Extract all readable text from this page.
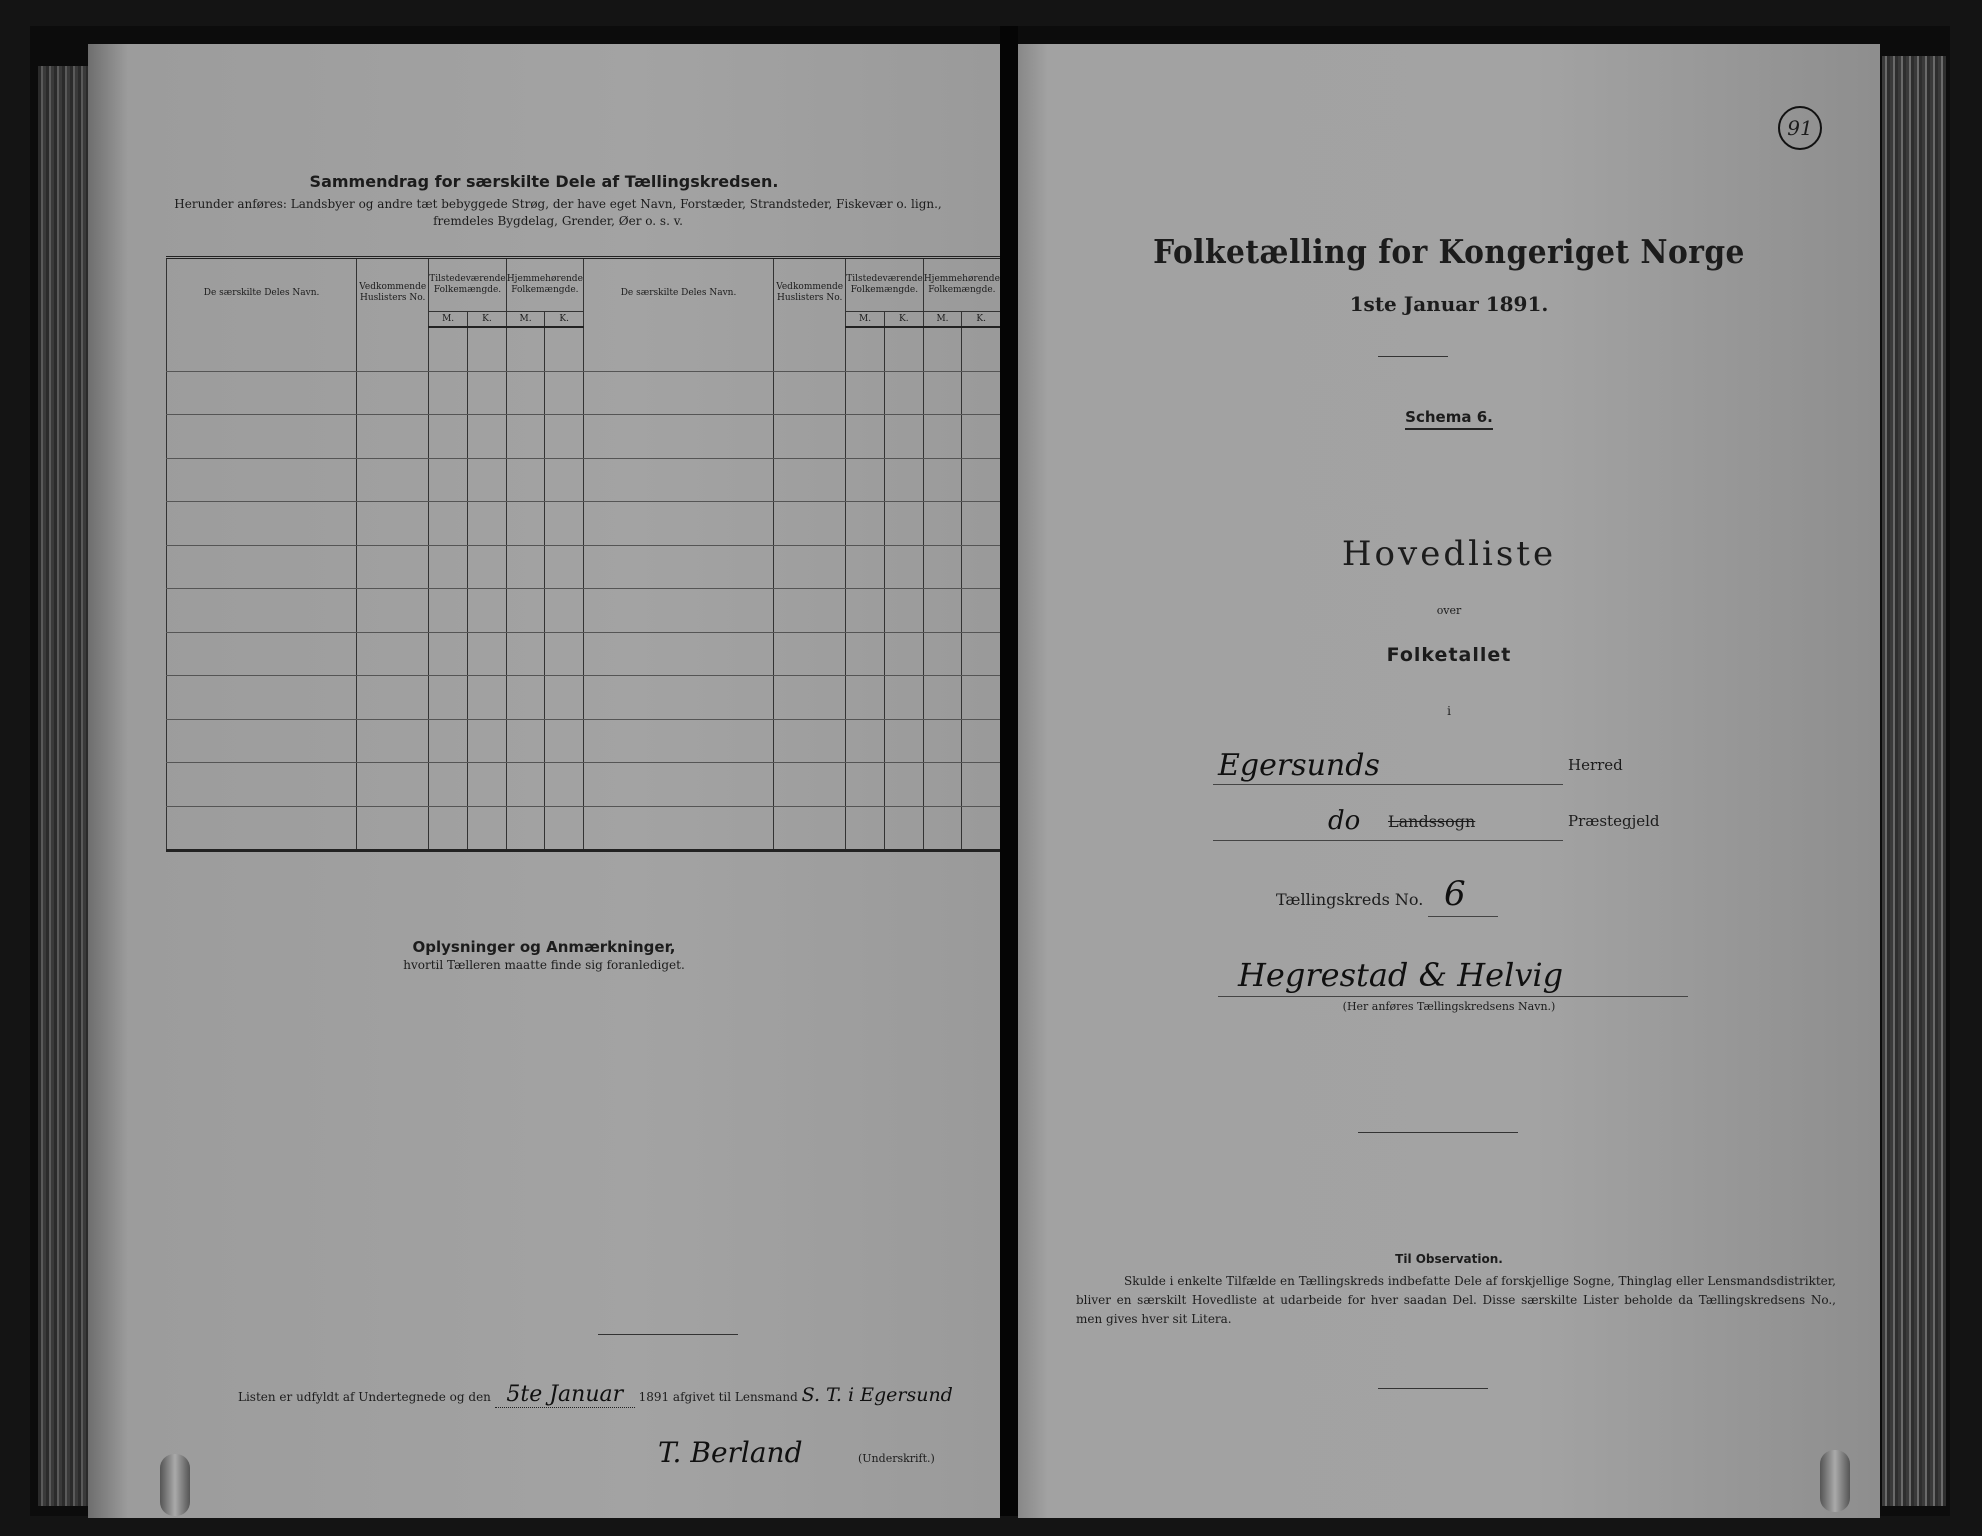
Sammendrag for særskilte Dele af Tællingskredsen.
Herunder anføres: Landsbyer og andre tæt bebyggede Strøg, der have eget Navn, Forstæder, Strandsteder, Fiskevær o. lign.,
fremdeles Bygdelag, Grender, Øer o. s. v.
De særskilte Deles Navn.	Vedkommende Huslisters No.	Tilstedeværende Folkemængde.		Hjemmehørende Folkemængde.		De særskilte Deles Navn.	Vedkommende Huslisters No.	Tilstedeværende Folkemængde.		Hjemmehørende Folkemængde.	
		M.	K.	M.	K.			M.	K.	M.	K.

Oplysninger og Anmærkninger,
hvortil Tælleren maatte finde sig foranlediget.
Listen er udfyldt af Undertegnede og den 5te Januar 1891 afgivet til Lensmand S. T. i Egersund
T. Berland	(Underskrift.)
91
Folketælling for Kongeriget Norge
1ste Januar 1891.
Schema 6.
Hovedliste
over
Folketallet
i
Egersunds	Herred
do Landssogn	Præstegjeld
Tællingskreds No. 6
Hegrestad & Helvig
(Her anføres Tællingskredsens Navn.)
Til Observation.
Skulde i enkelte Tilfælde en Tællingskreds indbefatte Dele af forskjellige Sogne, Thinglag eller Lensmandsdistrikter, bliver en særskilt Hovedliste at udarbeide for hver saadan Del. Disse særskilte Lister beholde da Tællingskredsens No., men gives hver sit Litera.
